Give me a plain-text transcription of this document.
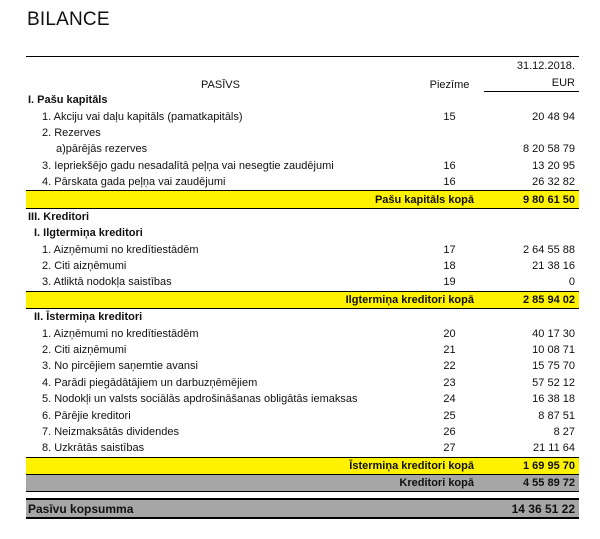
BILANCE
PASĪVS	Piezīme	31.12.2018.
		EUR
I. Pašu kapitāls		
1. Akciju vai daļu kapitāls (pamatkapitāls)	15	20 48 94
2. Rezerves		
a)pārējās rezerves		8 20 58 79
3. Iepriekšējo gadu nesadalītā peļņa vai nesegtie zaudējumi	16	13 20 95
4. Pārskata gada peļņa vai zaudējumi	16	26 32 82
Pašu kapitāls kopā		9 80 61 50
III. Kreditori		
I. Ilgtermiņa kreditori		
1. Aizņēmumi no kredītiestādēm	17	2 64 55 88
2. Citi aizņēmumi	18	21 38 16
3. Atliktā nodokļa saistības	19	0
Ilgtermiņa kreditori kopā		2 85 94 02
II. Īstermiņa kreditori		
1. Aizņēmumi no kredītiestādēm	20	40 17 30
2. Citi aizņēmumi	21	10 08 71
3. No pircējiem saņemtie avansi	22	15 75 70
4. Parādi piegādātājiem un darbuzņēmējiem	23	57 52 12
5. Nodokļi un valsts sociālās apdrošināšanas obligātās iemaksas	24	16 38 18
6. Pārējie kreditori	25	8 87 51
7. Neizmaksātās dividendes	26	8 27
8. Uzkrātās saistības	27	21 11 64
Īstermiņa kreditori kopā		1 69 95 70
Kreditori kopā		4 55 89 72

Pasīvu kopsumma		14 36 51 22
